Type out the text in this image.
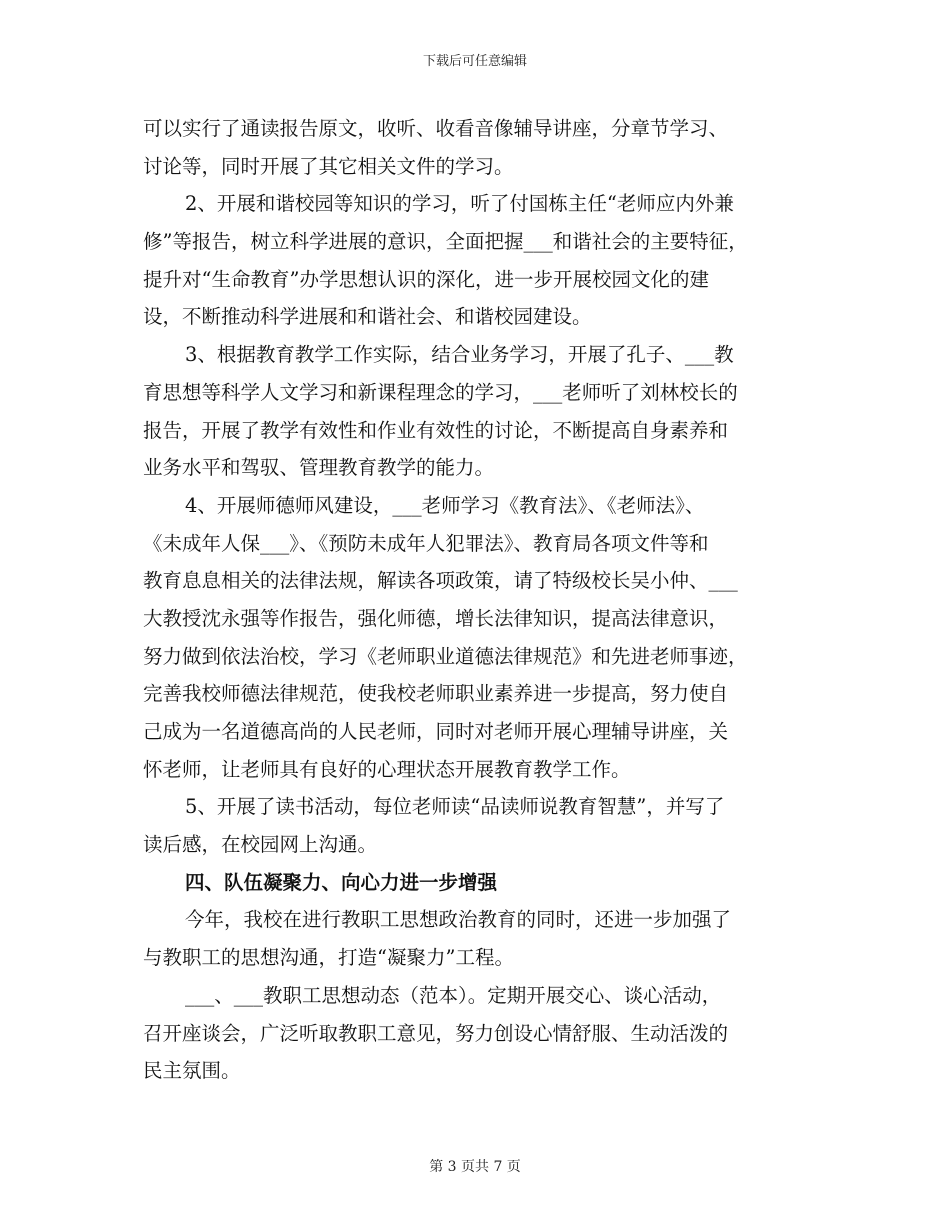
下载后可任意编辑
可以实行了通读报告原文，收听、收看音像辅导讲座，分章节学习、
讨论等，同时开展了其它相关文件的学习。
2、开展和谐校园等知识的学习，听了付国栋主任“老师应内外兼
修”等报告，树立科学进展的意识，全面把握___和谐社会的主要特征，
提升对“生命教育”办学思想认识的深化，进一步开展校园文化的建
设，不断推动科学进展和和谐社会、和谐校园建设。
3、根据教育教学工作实际，结合业务学习，开展了孔子、___教
育思想等科学人文学习和新课程理念的学习，___老师听了刘林校长的
报告，开展了教学有效性和作业有效性的讨论，不断提高自身素养和
业务水平和驾驭、管理教育教学的能力。
4、开展师德师风建设，___老师学习《教育法》、《老师法》、
《未成年人保___》、《预防未成年人犯罪法》、教育局各项文件等和
教育息息相关的法律法规，解读各项政策，请了特级校长吴小仲、___
大教授沈永强等作报告，强化师德，增长法律知识，提高法律意识，
努力做到依法治校，学习《老师职业道德法律规范》和先进老师事迹，
完善我校师德法律规范，使我校老师职业素养进一步提高，努力使自
己成为一名道德高尚的人民老师，同时对老师开展心理辅导讲座，关
怀老师，让老师具有良好的心理状态开展教育教学工作。
5、开展了读书活动，每位老师读“品读师说教育智慧”，并写了
读后感，在校园网上沟通。
四、队伍凝聚力、向心力进一步增强
今年，我校在进行教职工思想政治教育的同时，还进一步加强了
与教职工的思想沟通，打造“凝聚力”工程。
___、___教职工思想动态（范本）。定期开展交心、谈心活动，
召开座谈会，广泛听取教职工意见，努力创设心情舒服、生动活泼的
民主氛围。
第 3 页共 7 页
